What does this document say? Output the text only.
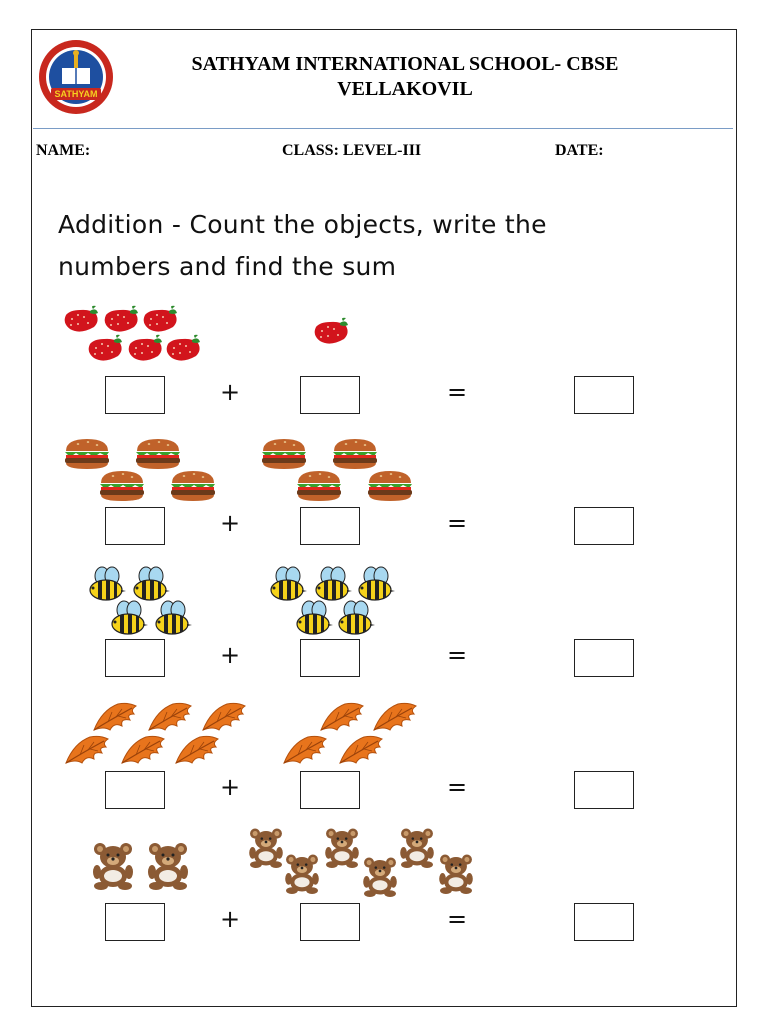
SATHYAM
SATHYAM INTERNATIONAL SCHOOL- CBSE
VELLAKOVIL
NAME:	CLASS: LEVEL-III	DATE:
Addition - Count the objects, write the
numbers and find the sum
+	=
+	=
+	=
+	=
+	=
